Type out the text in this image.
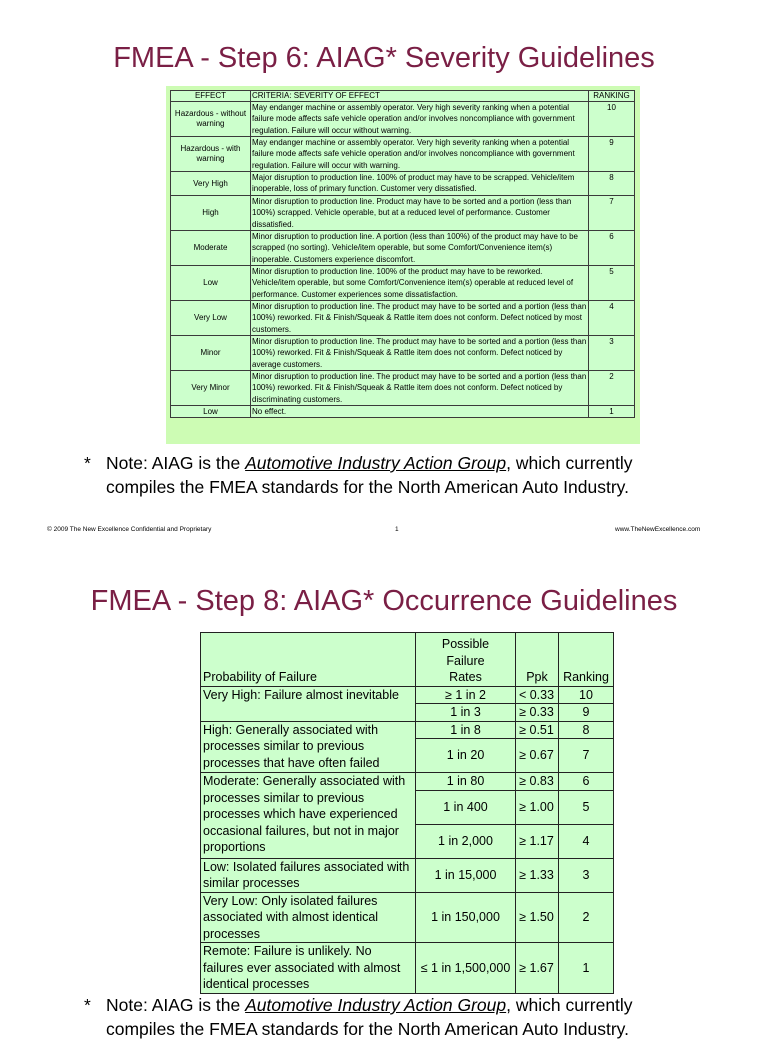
FMEA - Step 6: AIAG* Severity Guidelines
EFFECT	CRITERIA: SEVERITY OF EFFECT	RANKING
Hazardous - without warning	May endanger machine or assembly operator. Very high severity ranking when a potential failure mode affects safe vehicle operation and/or involves noncompliance with government regulation. Failure will occur without warning.	10
Hazardous - with warning	May endanger machine or assembly operator. Very high severity ranking when a potential failure mode affects safe vehicle operation and/or involves noncompliance with government regulation. Failure will occur with warning.	9
Very High	Major disruption to production line. 100% of product may have to be scrapped. Vehicle/item inoperable, loss of primary function. Customer very dissatisfied.	8
High	Minor disruption to production line. Product may have to be sorted and a portion (less than 100%) scrapped. Vehicle operable, but at a reduced level of performance. Customer dissatisfied.	7
Moderate	Minor disruption to production line. A portion (less than 100%) of the product may have to be scrapped (no sorting). Vehicle/item operable, but some Comfort/Convenience item(s) inoperable. Customers experience discomfort.	6
Low	Minor disruption to production line. 100% of the product may have to be reworked. Vehicle/item operable, but some Comfort/Convenience item(s) operable at reduced level of performance. Customer experiences some dissatisfaction.	5
Very Low	Minor disruption to production line. The product may have to be sorted and a portion (less than 100%) reworked. Fit & Finish/Squeak & Rattle item does not conform. Defect noticed by most customers.	4
Minor	Minor disruption to production line. The product may have to be sorted and a portion (less than 100%) reworked. Fit & Finish/Squeak & Rattle item does not conform. Defect noticed by average customers.	3
Very Minor	Minor disruption to production line. The product may have to be sorted and a portion (less than 100%) reworked. Fit & Finish/Squeak & Rattle item does not conform. Defect noticed by discriminating customers.	2
Low	No effect.	1
* Note: AIAG is the Automotive Industry Action Group, which currently
compiles the FMEA standards for the North American Auto Industry.
© 2009 The New Excellence Confidential and Proprietary	1	www.TheNewExcellence.com
FMEA - Step 8: AIAG* Occurrence Guidelines
Probability of Failure	Possible Failure Rates	Ppk	Ranking
Very High: Failure almost inevitable	≥ 1 in 2	< 0.33	10
	1 in 3	≥ 0.33	9
High: Generally associated with processes similar to previous processes that have often failed	1 in 8	≥ 0.51	8
	1 in 20	≥ 0.67	7
Moderate: Generally associated with processes similar to previous processes which have experienced occasional failures, but not in major proportions	1 in 80	≥ 0.83	6
	1 in 400	≥ 1.00	5
	1 in 2,000	≥ 1.17	4
Low: Isolated failures associated with similar processes	1 in 15,000	≥ 1.33	3
Very Low: Only isolated failures associated with almost identical processes	1 in 150,000	≥ 1.50	2
Remote: Failure is unlikely. No failures ever associated with almost identical processes	≤ 1 in 1,500,000	≥ 1.67	1
* Note: AIAG is the Automotive Industry Action Group, which currently
compiles the FMEA standards for the North American Auto Industry.
